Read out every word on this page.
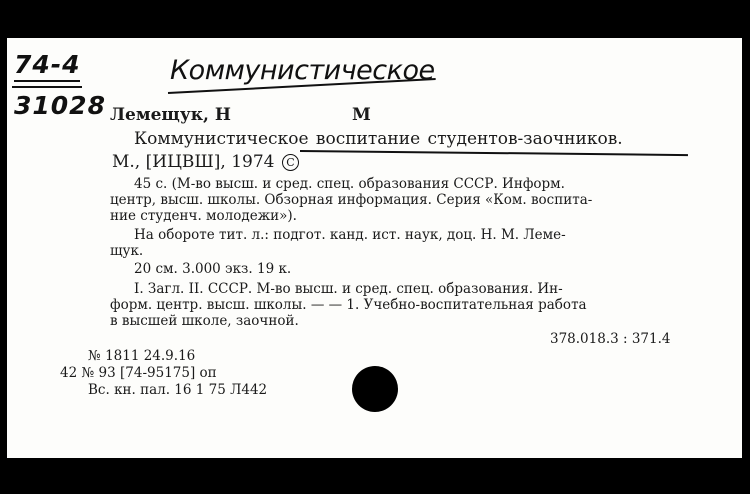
74-4
31028
Коммунистическое
Лемещук, Н	М
Коммунистическое воспитание студентов-заочников.
М., [ИЦВШ], 1974 С
45 с. (М-во высш. и сред. спец. образования СССР. Информ.
центр, высш. школы. Обзорная информация. Серия «Ком. воспита-
ние студенч. молодежи»).
На обороте тит. л.: подгот. канд. ист. наук, доц. Н. М. Леме-
щук.
20 см. 3.000 экз. 19 к.
I. Загл. II. СССР. М-во высш. и сред. спец. образования. Ин-
форм. центр. высш. школы. — — 1. Учебно-воспитательная работа
в высшей школе, заочной.
378.018.3 : 371.4
№ 1811 24.9.16
42 № 93 [74-95175] оп
Вс. кн. пал. 16 1 75 Л442
